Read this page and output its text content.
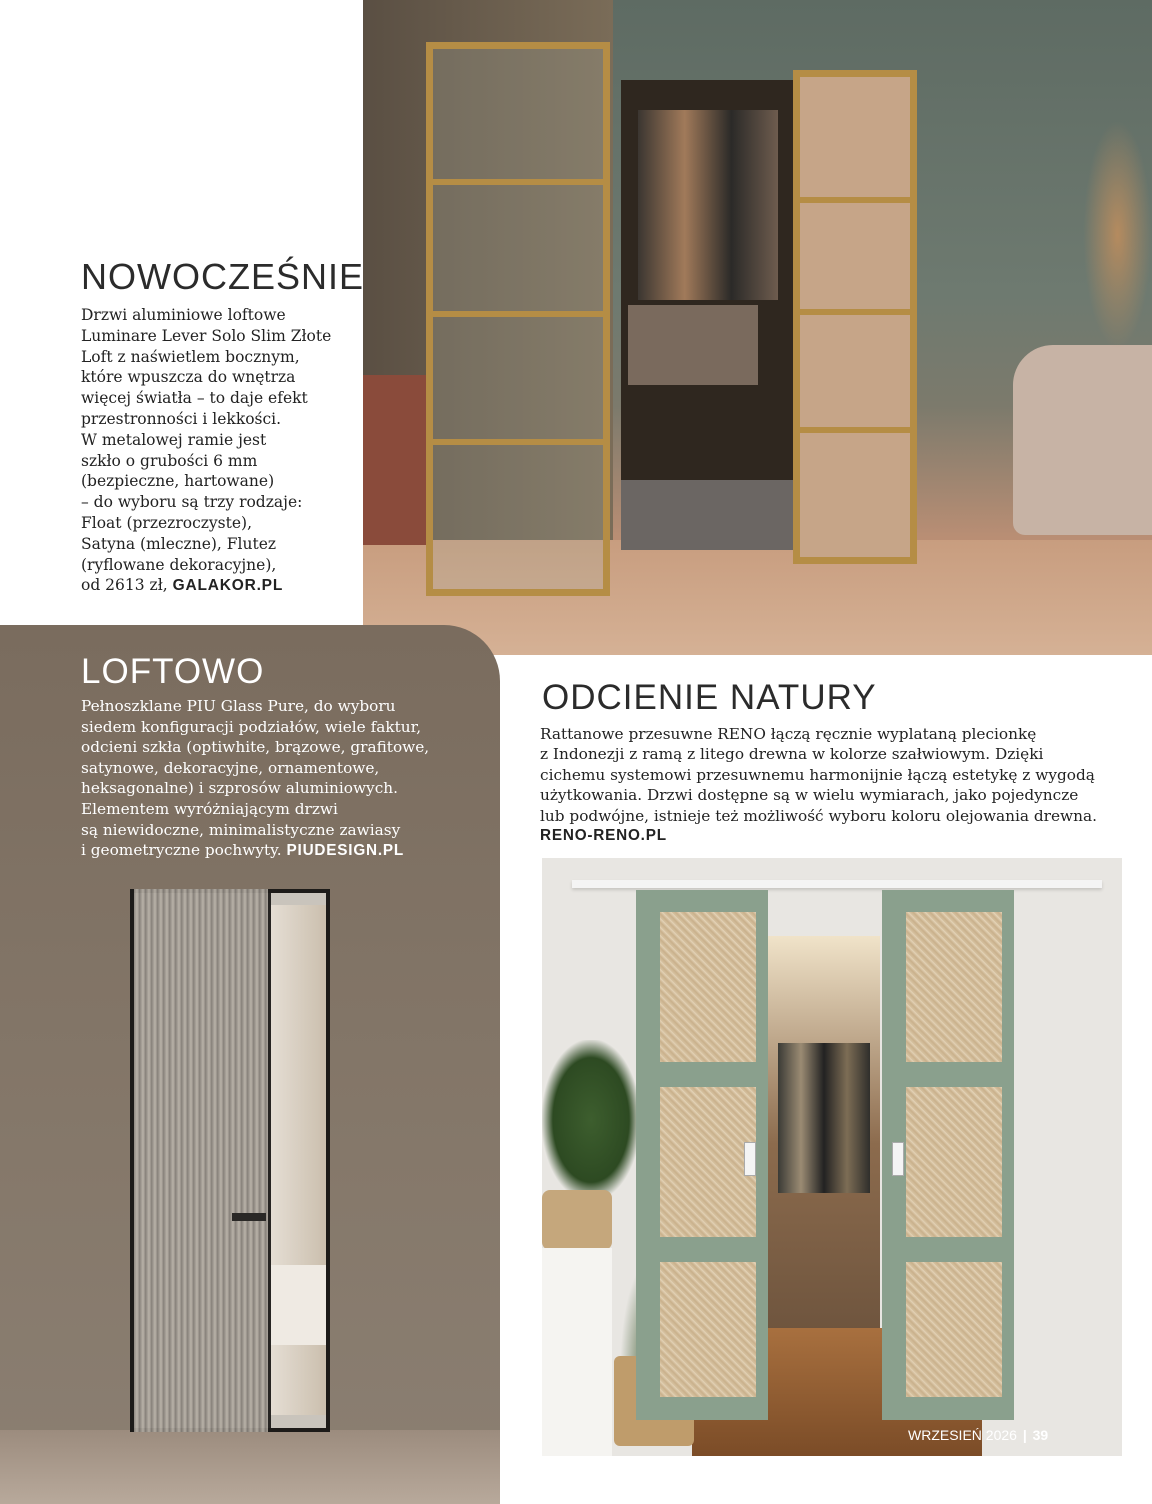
NOWOCZEŚNIE
Drzwi aluminiowe loftowe
Luminare Lever Solo Slim Złote
Loft z naświetlem bocznym,
które wpuszcza do wnętrza
więcej światła – to daje efekt
przestronności i lekkości.
W metalowej ramie jest
szkło o grubości 6 mm
(bezpieczne, hartowane)
– do wyboru są trzy rodzaje:
Float (przezroczyste),
Satyna (mleczne), Flutez
(ryflowane dekoracyjne),
od 2613 zł, GALAKOR.PL
LOFTOWO
Pełnoszklane PIU Glass Pure, do wyboru
siedem konfiguracji podziałów, wiele faktur,
odcieni szkła (optiwhite, brązowe, grafitowe,
satynowe, dekoracyjne, ornamentowe,
heksagonalne) i szprosów aluminiowych.
Elementem wyróżniającym drzwi
są niewidoczne, minimalistyczne zawiasy
i geometryczne pochwyty. PIUDESIGN.PL
ODCIENIE NATURY
Rattanowe przesuwne RENO łączą ręcznie wyplataną plecionkę
z Indonezji z ramą z litego drewna w kolorze szałwiowym. Dzięki
cichemu systemowi przesuwnemu harmonijnie łączą estetykę z wygodą
użytkowania. Drzwi dostępne są w wielu wymiarach, jako pojedyncze
lub podwójne, istnieje też możliwość wyboru koloru olejowania drewna.
RENO-RENO.PL
WRZESIEŃ 2026 | 39
